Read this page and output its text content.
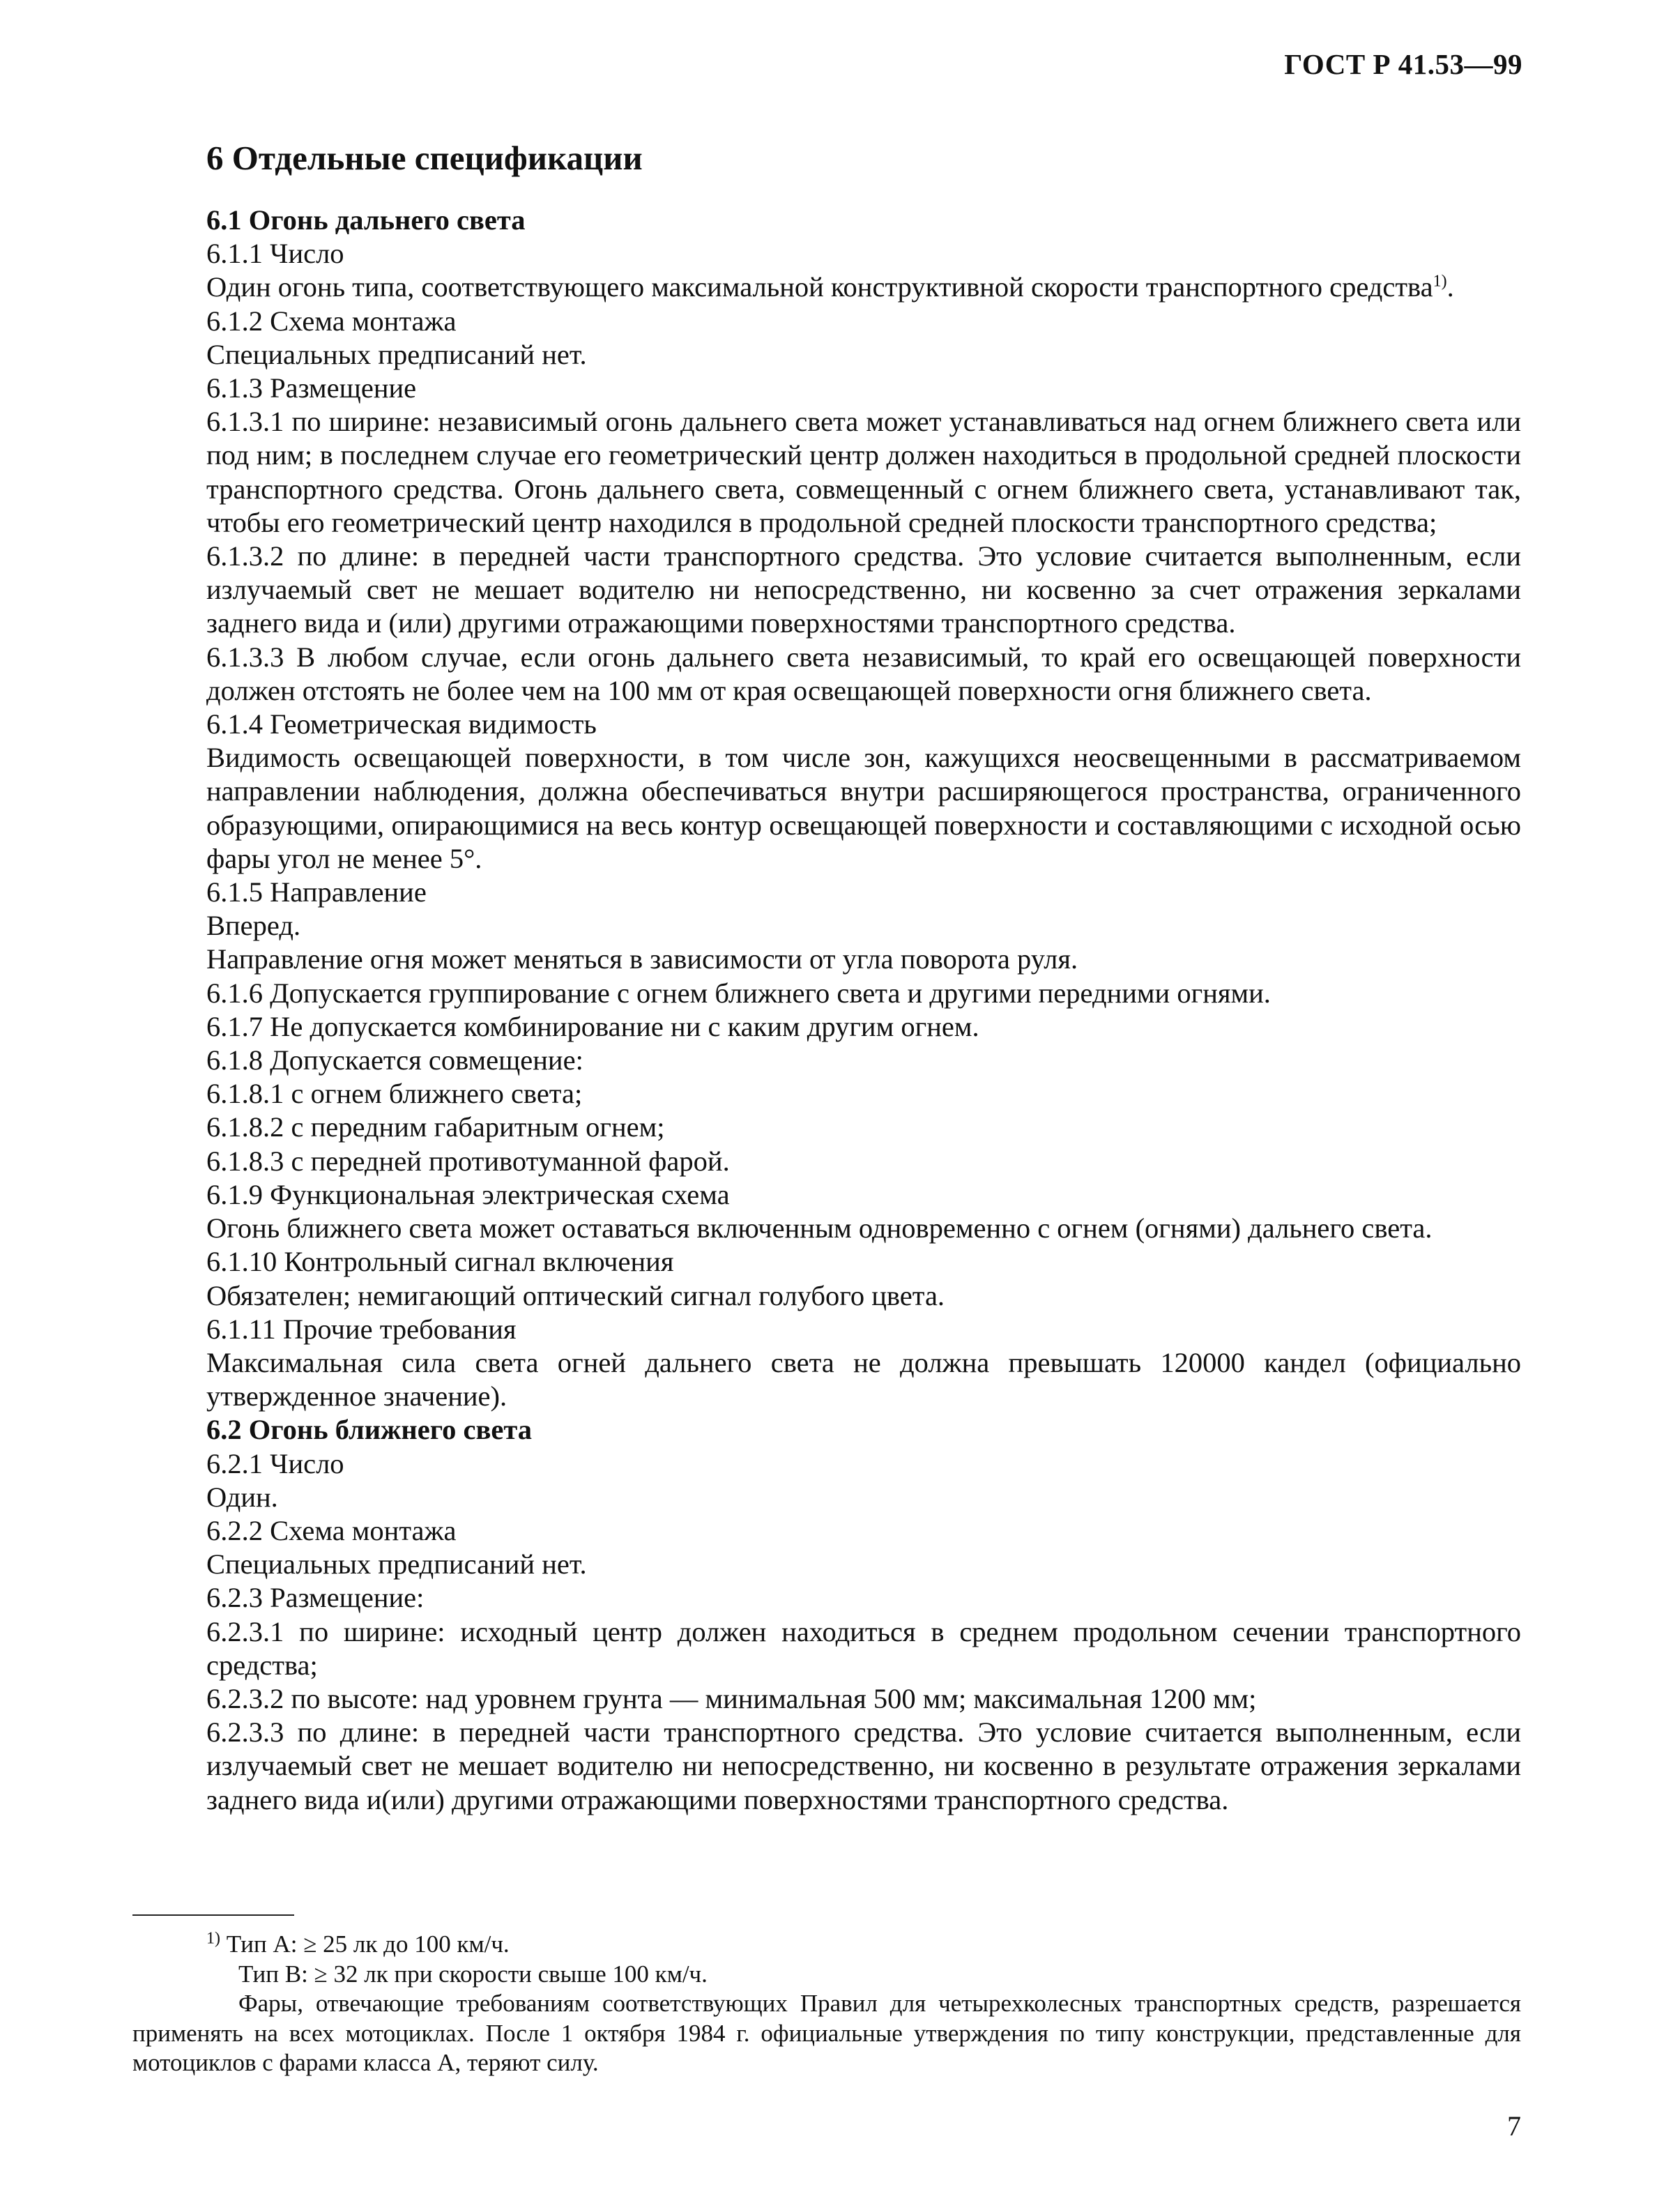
ГОСТ Р 41.53—99
6 Отдельные спецификации

6.1 Огонь дальнего света

6.1.1 Число

Один огонь типа, соответствующего максимальной конструктивной скорости транспортного средства$^{1)}$.

6.1.2 Схема монтажа

Специальных предписаний нет.

6.1.3 Размещение

6.1.3.1 по ширине: независимый огонь дальнего света может устанавливаться над огнем ближнего света или под ним; в последнем случае его геометрический центр должен находиться в продольной средней плоскости транспортного средства. Огонь дальнего света, совмещенный с огнем ближнего света, устанавливают так, чтобы его геометрический центр находился в продольной средней плоскости транспортного средства;

6.1.3.2 по длине: в передней части транспортного средства. Это условие считается выполненным, если излучаемый свет не мешает водителю ни непосредственно, ни косвенно за счет отражения зеркалами заднего вида и (или) другими отражающими поверхностями транспортного средства.

6.1.3.3 В любом случае, если огонь дальнего света независимый, то край его освещающей поверхности должен отстоять не более чем на 100 мм от края освещающей поверхности огня ближнего света.

6.1.4 Геометрическая видимость

Видимость освещающей поверхности, в том числе зон, кажущихся неосвещенными в рассматриваемом направлении наблюдения, должна обеспечиваться внутри расширяющегося пространства, ограниченного образующими, опирающимися на весь контур освещающей поверхности и составляющими с исходной осью фары угол не менее 5°.

6.1.5 Направление

Вперед.

Направление огня может меняться в зависимости от угла поворота руля.

6.1.6 Допускается группирование с огнем ближнего света и другими передними огнями.

6.1.7 Не допускается комбинирование ни с каким другим огнем.

6.1.8 Допускается совмещение:

6.1.8.1 с огнем ближнего света;

6.1.8.2 с передним габаритным огнем;

6.1.8.3 с передней противотуманной фарой.

6.1.9 Функциональная электрическая схема

Огонь ближнего света может оставаться включенным одновременно с огнем (огнями) дальнего света.

6.1.10 Контрольный сигнал включения

Обязателен; немигающий оптический сигнал голубого цвета.

6.1.11 Прочие требования

Максимальная сила света огней дальнего света не должна превышать 120000 кандел (официально утвержденное значение).

6.2 Огонь ближнего света

6.2.1 Число

Один.

6.2.2 Схема монтажа

Специальных предписаний нет.

6.2.3 Размещение:

6.2.3.1 по ширине: исходный центр должен находиться в среднем продольном сечении транспортного средства;

6.2.3.2 по высоте: над уровнем грунта — минимальная 500 мм; максимальная 1200 мм;

6.2.3.3 по длине: в передней части транспортного средства. Это условие считается выполненным, если излучаемый свет не мешает водителю ни непосредственно, ни косвенно в результате отражения зеркалами заднего вида и(или) другими отражающими поверхностями транспортного средства.

$^{1)}$ Тип А: ≥ 25 лк до 100 км/ч.

Тип В: ≥ 32 лк при скорости свыше 100 км/ч.

Фары, отвечающие требованиям соответствующих Правил для четырехколесных транспортных средств, разрешается применять на всех мотоциклах. После 1 октября 1984 г. официальные утверждения по типу конструкции, представленные для мотоциклов с фарами класса А, теряют силу.

7
